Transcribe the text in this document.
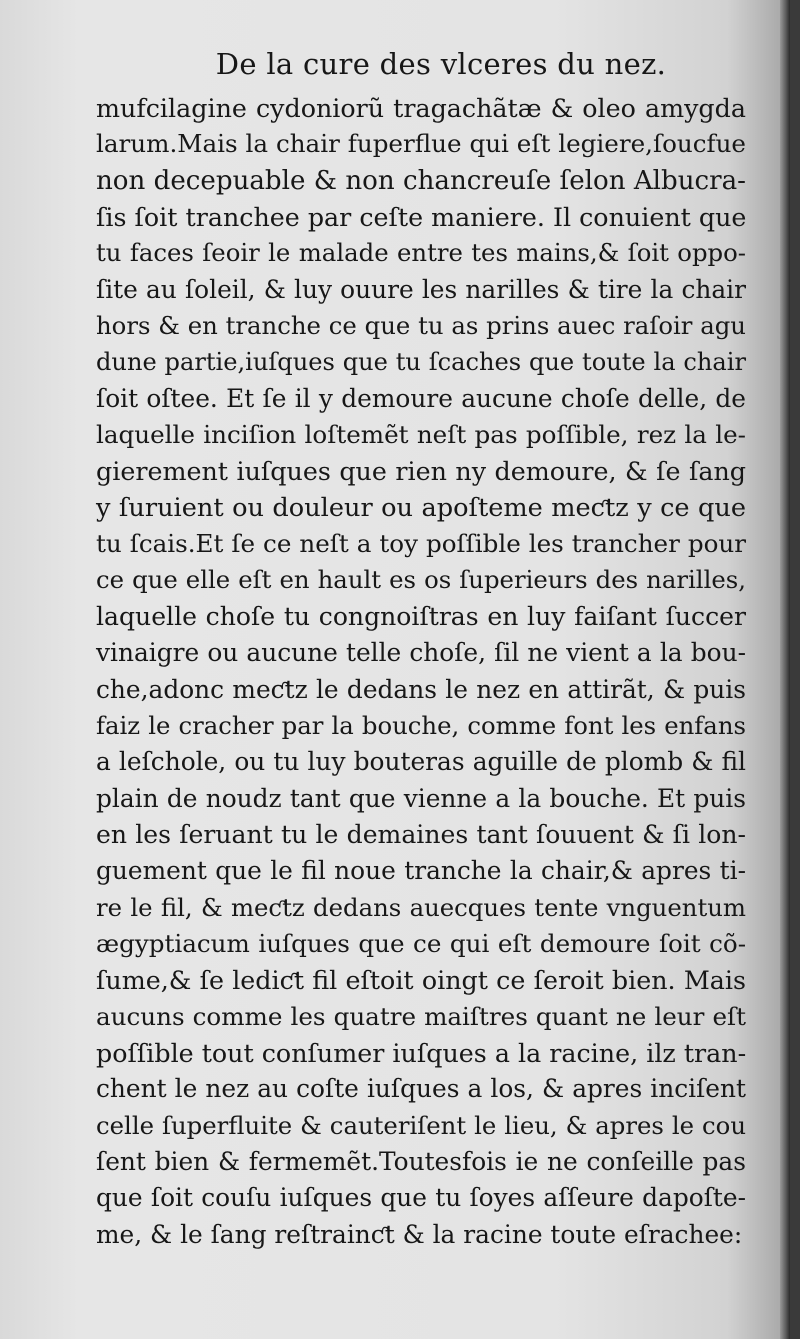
De la cure des vlceres du nez.
mufcilagine cydoniorũ tragachãtæ & oleo amygda
larum.Mais la chair fuperflue qui eſt legiere,ſoucfue
non decepuable & non chancreuſe ſelon Albucra-
ſis ſoit tranchee par ceſte maniere. Il conuient que
tu faces ſeoir le malade entre tes mains,& ſoit oppo-
ſite au ſoleil, & luy ouure les narilles & tire la chair
hors & en tranche ce que tu as prins auec raſoir agu
dune partie,iuſques que tu ſcaches que toute la chair
ſoit oſtee. Et ſe il y demoure aucune choſe delle, de
laquelle inciſion loſtemẽt neſt pas poſſible, rez la le-
gierement iuſques que rien ny demoure, & ſe ſang
y ſuruient ou douleur ou apoſteme meƈtz y ce que
tu ſcais.Et ſe ce neſt a toy poſſible les trancher pour
ce que elle eſt en hault es os ſuperieurs des narilles,
laquelle choſe tu congnoiſtras en luy faiſant ſuccer
vinaigre ou aucune telle choſe, ſil ne vient a la bou-
che,adonc meƈtz le dedans le nez en attirãt, & puis
faiz le cracher par la bouche, comme font les enfans
a leſchole, ou tu luy bouteras aguille de plomb & fil
plain de noudz tant que vienne a la bouche. Et puis
en les ſeruant tu le demaines tant ſouuent & ſi lon-
guement que le fil noue tranche la chair,& apres ti-
re le fil, & meƈtz dedans auecques tente vnguentum
ægyptiacum iuſques que ce qui eſt demoure ſoit cõ-
ſume,& ſe lediƈt fil eſtoit oingt ce ſeroit bien. Mais
aucuns comme les quatre maiſtres quant ne leur eſt
poſſible tout conſumer iuſques a la racine, ilz tran-
chent le nez au coſte iuſques a los, & apres inciſent
celle ſuperfluite & cauteriſent le lieu, & apres le cou
ſent bien & fermemẽt.Toutesfois ie ne conſeille pas
que ſoit couſu iuſques que tu ſoyes aſſeure dapoſte-
me, & le ſang reſtrainƈt & la racine toute eſrachee:
